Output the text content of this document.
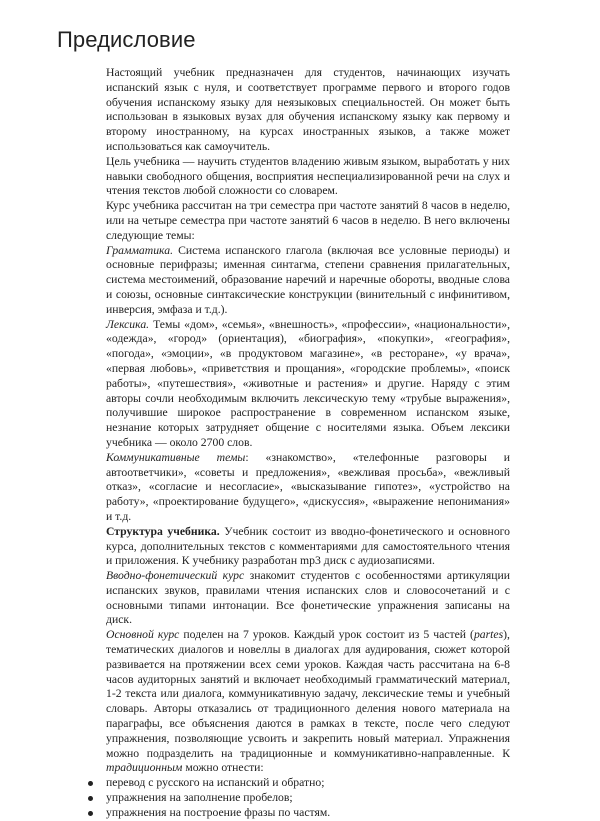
Предисловие

Настоящий учебник предназначен для студентов, начинающих изучать испанский язык с нуля, и соответствует программе первого и второго годов обучения испанскому языку для неязыковых специальностей. Он может быть использован в языковых вузах для обучения испанскому языку как первому и второму иностранному, на курсах иностранных языков, а также может использоваться как самоучитель.

Цель учебника — научить студентов владению живым языком, выработать у них навыки свободного общения, восприятия неспециализированной речи на слух и чтения текстов любой сложности со словарем.

Курс учебника рассчитан на три семестра при частоте занятий 8 часов в неделю, или на четыре семестра при частоте занятий 6 часов в неделю. В него включены следующие темы:

Грамматика. Система испанского глагола (включая все условные периоды) и основные перифразы; именная синтагма, степени сравнения прилагательных, система местоимений, образование наречий и наречные обороты, вводные слова и союзы, основные синтаксические конструкции (винительный с инфинитивом, инверсия, эмфаза и т.д.).

Лексика. Темы «дом», «семья», «внешность», «профессии», «национальности», «одежда», «город» (ориентация), «биография», «покупки», «география», «погода», «эмоции», «в продуктовом магазине», «в ресторане», «у врача», «первая любовь», «приветствия и прощания», «городские проблемы», «поиск работы», «путешествия», «животные и растения» и другие. Наряду с этим авторы сочли необходимым включить лексическую тему «трубые выражения», получившие широкое распространение в современном испанском языке, незнание которых затрудняет общение с носителями языка. Объем лексики учебника — около 2700 слов.

Коммуникативные темы: «знакомство», «телефонные разговоры и автоответчики», «советы и предложения», «вежливая просьба», «вежливый отказ», «согласие и несогласие», «высказывание гипотез», «устройство на работу», «проектирование будущего», «дискуссия», «выражение непонимания» и т.д.

Структура учебника. Учебник состоит из вводно-фонетического и основного курса, дополнительных текстов с комментариями для самостоятельного чтения и приложения. К учебнику разработан mp3 диск с аудиозаписями.

Вводно-фонетический курс знакомит студентов с особенностями артикуляции испанских звуков, правилами чтения испанских слов и словосочетаний и с основными типами интонации. Все фонетические упражнения записаны на диск.

Основной курс поделен на 7 уроков. Каждый урок состоит из 5 частей (partes), тематических диалогов и новеллы в диалогах для аудирования, сюжет которой развивается на протяжении всех семи уроков. Каждая часть рассчитана на 6-8 часов аудиторных занятий и включает необходимый грамматический материал, 1-2 текста или диалога, коммуникативную задачу, лексические темы и учебный словарь. Авторы отказались от традиционного деления нового материала на параграфы, все объяснения даются в рамках в тексте, после чего следуют упражнения, позволяющие усвоить и закрепить новый материал. Упражнения можно подразделить на традиционные и коммуникативно-направленные. К традиционным можно отнести:

перевод с русского на испанский и обратно;
упражнения на заполнение пробелов;
упражнения на построение фразы по частям.
